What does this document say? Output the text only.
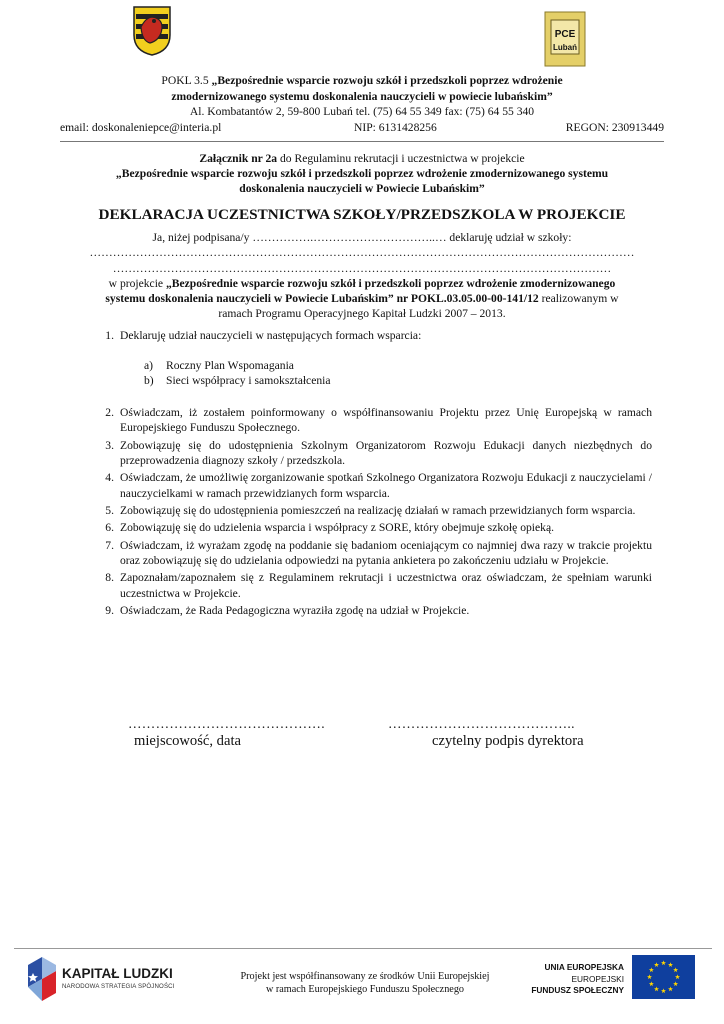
PCE
Lubań
POKL 3.5 „Bezpośrednie wsparcie rozwoju szkół i przedszkoli poprzez wdrożenie
zmodernizowanego systemu doskonalenia nauczycieli w powiecie lubańskim”
Al. Kombatantów 2, 59-800 Lubań tel. (75) 64 55 349 fax: (75) 64 55 340
email: doskonaleniepce@interia.pl	NIP: 6131428256	REGON: 230913449
Załącznik nr 2a do Regulaminu rekrutacji i uczestnictwa w projekcie
„Bezpośrednie wsparcie rozwoju szkół i przedszkoli poprzez wdrożenie zmodernizowanego systemu
doskonalenia nauczycieli w Powiecie Lubańskim”
DEKLARACJA UCZESTNICTWA SZKOŁY/PRZEDSZKOLA W PROJEKCIE
Ja, niżej podpisana/y …………….…………………………..… deklaruję udział w szkoły:
……………………………………………………………………………………………………………………………
…………………………………………………………………………………………………………………
w projekcie „Bezpośrednie wsparcie rozwoju szkół i przedszkoli poprzez wdrożenie zmodernizowanego
systemu doskonalenia nauczycieli w Powiecie Lubańskim” nr POKL.03.05.00-00-141/12 realizowanym w
ramach Programu Operacyjnego Kapitał Ludzki 2007 – 2013.
1. Deklaruję udział nauczycieli w następujących formach wsparcia:
a) Roczny Plan Wspomagania
b) Sieci współpracy i samokształcenia
2. Oświadczam, iż zostałem poinformowany o współfinansowaniu Projektu przez Unię Europejską w ramach Europejskiego Funduszu Społecznego.
3. Zobowiązuję się do udostępnienia Szkolnym Organizatorom Rozwoju Edukacji danych niezbędnych do przeprowadzenia diagnozy szkoły / przedszkola.
4. Oświadczam, że umożliwię zorganizowanie spotkań Szkolnego Organizatora Rozwoju Edukacji z nauczycielami / nauczycielkami w ramach przewidzianych form wsparcia.
5. Zobowiązuję się do udostępnienia pomieszczeń na realizację działań w ramach przewidzianych form wsparcia.
6. Zobowiązuję się do udzielenia wsparcia i współpracy z SORE, który obejmuje szkołę opieką.
7. Oświadczam, iż wyrażam zgodę na poddanie się badaniom oceniającym co najmniej dwa razy w trakcie projektu oraz zobowiązuję się do udzielania odpowiedzi na pytania ankietera po zakończeniu udziału w Projekcie.
8. Zapoznałam/zapoznałem się z Regulaminem rekrutacji i uczestnictwa oraz oświadczam, że spełniam warunki uczestnictwa w Projekcie.
9. Oświadczam, że Rada Pedagogiczna wyraziła zgodę na udział w Projekcie.
…………………………………….
miejscowość, data
…………………………………..
czytelny podpis dyrektora
KAPITAŁ LUDZKI
NARODOWA STRATEGIA SPÓJNOŚCI
Projekt jest współfinansowany ze środków Unii Europejskiej
w ramach Europejskiego Funduszu Społecznego
UNIA EUROPEJSKA
EUROPEJSKI
FUNDUSZ SPOŁECZNY
